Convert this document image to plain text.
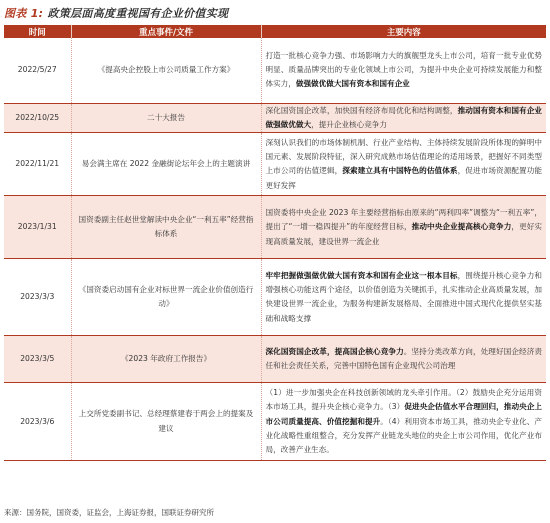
图表 1: 政策层面高度重视国有企业价值实现
时间	重点事件/文件	主要内容
2022/5/27	《提高央企控股上市公司质量工作方案》	打造一批核心竞争力强、市场影响力大的旗舰型龙头上市公司，培育一批专业优势明显、质量品牌突出的专业化领域上市公司，为提升中央企业可持续发展能力和整体实力，做强做优做大国有资本和国有企业
2022/10/25	二十大报告	深化国资国企改革，加快国有经济布局优化和结构调整，推动国有资本和国有企业做强做优做大，提升企业核心竞争力
2022/11/21	易会满主席在 2022 金融街论坛年会上的主题演讲	深刻认识我们的市场体制机制、行业产业结构、主体持续发展阶段所体现的鲜明中国元素、发展阶段特征，深入研究成熟市场估值理论的适用场景，把握好不同类型上市公司的估值逻辑，探索建立具有中国特色的估值体系，促进市场资源配置功能更好发挥
2023/1/31	国资委副主任赵世堂解读中央企业“一利五率”经营指标体系	国资委将中央企业 2023 年主要经营指标由原来的“两利四率”调整为“一利五率”，提出了“一增一稳四提升”的年度经营目标，推动中央企业提高核心竞争力，更好实现高质量发展，建设世界一流企业
2023/3/3	《国资委启动国有企业对标世界一流企业价值创造行动》	牢牢把握做强做优做大国有资本和国有企业这一根本目标，围绕提升核心竞争力和增强核心功能这两个途径，以价值创造为关键抓手，扎实推动企业高质量发展，加快建设世界一流企业，为服务构建新发展格局、全面推进中国式现代化提供坚实基础和战略支撑
2023/3/5	《2023 年政府工作报告》	深化国资国企改革，提高国企核心竞争力。坚持分类改革方向，处理好国企经济责任和社会责任关系，完善中国特色国有企业现代公司治理
2023/3/6	上交所党委副书记、总经理蔡建春于两会上的提案及建议	（1）进一步加强央企在科技创新领域的龙头牵引作用。（2）鼓励央企充分运用资本市场工具，提升央企核心竞争力。（3）促进央企估值水平合理回归，推动央企上市公司质量提高、价值挖掘和提升。（4）利用资本市场工具，推动央企专业化、产业化战略性重组整合，充分发挥产业链龙头地位的央企上市公司作用，优化产业布局，改善产业生态。
来源：国务院，国资委，证监会，上海证券报，国联证券研究所
